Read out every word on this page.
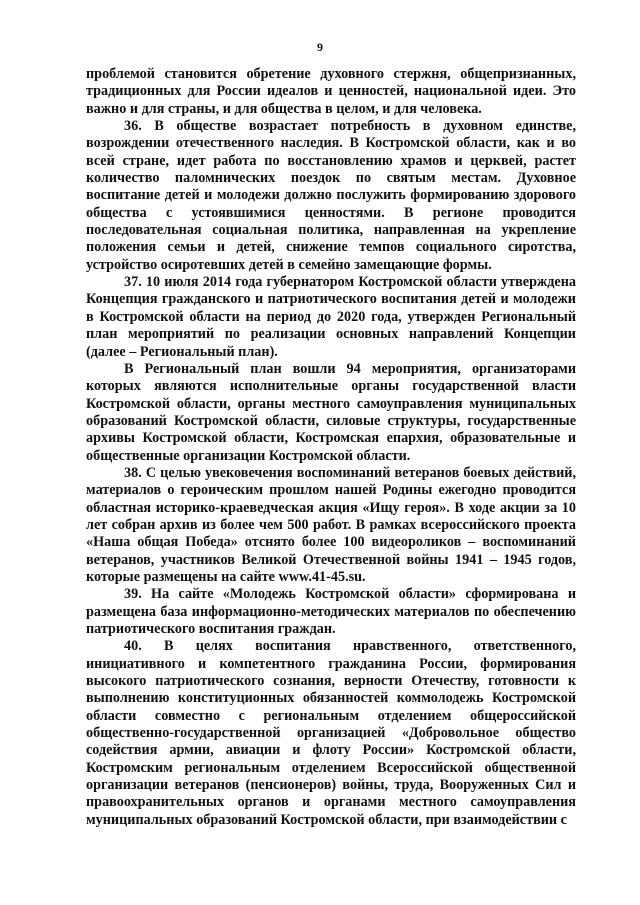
9

проблемой становится обретение духовного стержня, общепризнанных, традиционных для России идеалов и ценностей, национальной идеи. Это важно и для страны, и для общества в целом, и для человека.

36. В обществе возрастает потребность в духовном единстве, возрождении отечественного наследия. В Костромской области, как и во всей стране, идет работа по восстановлению храмов и церквей, растет количество паломнических поездок по святым местам. Духовное воспитание детей и молодежи должно послужить формированию здорового общества с устоявшимися ценностями. В регионе проводится последовательная социальная политика, направленная на укрепление положения семьи и детей, снижение темпов социального сиротства, устройство осиротевших детей в семейно замещающие формы.

37. 10 июля 2014 года губернатором Костромской области утверждена Концепция гражданского и патриотического воспитания детей и молодежи в Костромской области на период до 2020 года, утвержден Региональный план мероприятий по реализации основных направлений Концепции (далее – Региональный план).

В Региональный план вошли 94 мероприятия, организаторами которых являются исполнительные органы государственной власти Костромской области, органы местного самоуправления муниципальных образований Костромской области, силовые структуры, государственные архивы Костромской области, Костромская епархия, образовательные и общественные организации Костромской области.

38. С целью увековечения воспоминаний ветеранов боевых действий, материалов о героическим прошлом нашей Родины ежегодно проводится областная историко-краеведческая акция «Ищу героя». В ходе акции за 10 лет собран архив из более чем 500 работ. В рамках всероссийского проекта «Наша общая Победа» отснято более 100 видеороликов – воспоминаний ветеранов, участников Великой Отечественной войны 1941 – 1945 годов, которые размещены на сайте www.41-45.su.

39. На сайте «Молодежь Костромской области» сформирована и размещена база информационно-методических материалов по обеспечению патриотического воспитания граждан.

40. В целях воспитания нравственного, ответственного, инициативного и компетентного гражданина России, формирования высокого патриотического сознания, верности Отечеству, готовности к выполнению конституционных обязанностей коммолодежь Костромской области совместно с региональным отделением общероссийской общественно-государственной организацией «Добровольное общество содействия армии, авиации и флоту России» Костромской области, Костромским региональным отделением Всероссийской общественной организации ветеранов (пенсионеров) войны, труда, Вооруженных Сил и правоохранительных органов и органами местного самоуправления муниципальных образований Костромской области, при взаимодействии с
